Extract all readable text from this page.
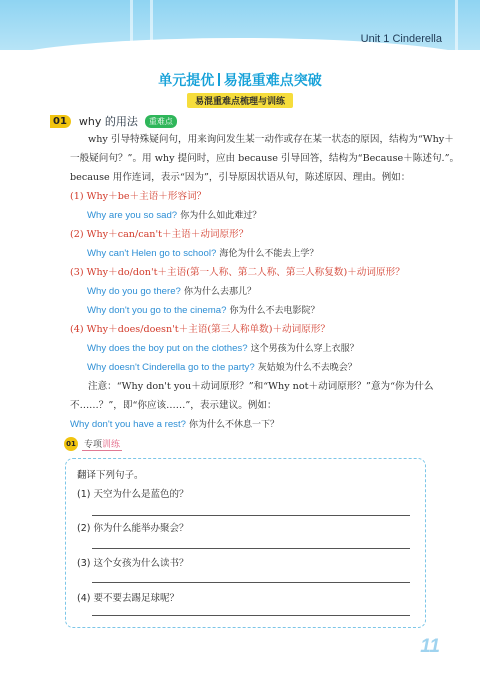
Unit 1 Cinderella
单元提优 易混重难点突破
易混重难点梳理与训练
01	why 的用法	重难点
why 引导特殊疑问句，用来询问发生某一动作或存在某一状态的原因，结构为“Why＋
一般疑问句？”。用 why 提问时，应由 because 引导回答，结构为“Because＋陈述句.”。
because 用作连词，表示“因为”，引导原因状语从句，陈述原因、理由。例如：
(1) Why＋be＋主语＋形容词？
Why are you so sad? 你为什么如此难过？
(2) Why＋can/can't＋主语＋动词原形？
Why can't Helen go to school? 海伦为什么不能去上学？
(3) Why＋do/don't＋主语(第一人称、第二人称、第三人称复数)＋动词原形？
Why do you go there? 你为什么去那儿？
Why don't you go to the cinema? 你为什么不去电影院？
(4) Why＋does/doesn't＋主语(第三人称单数)＋动词原形？
Why does the boy put on the clothes? 这个男孩为什么穿上衣服？
Why doesn't Cinderella go to the party? 灰姑娘为什么不去晚会？
注意：“Why don't you＋动词原形？”和“Why not＋动词原形？”意为“你为什么
不……？”，即“你应该……”，表示建议。例如：
Why don't you have a rest? 你为什么不休息一下？
01 专项训练
翻译下列句子。
(1) 天空为什么是蓝色的？
(2) 你为什么能举办聚会？
(3) 这个女孩为什么读书？
(4) 要不要去踢足球呢？
11
